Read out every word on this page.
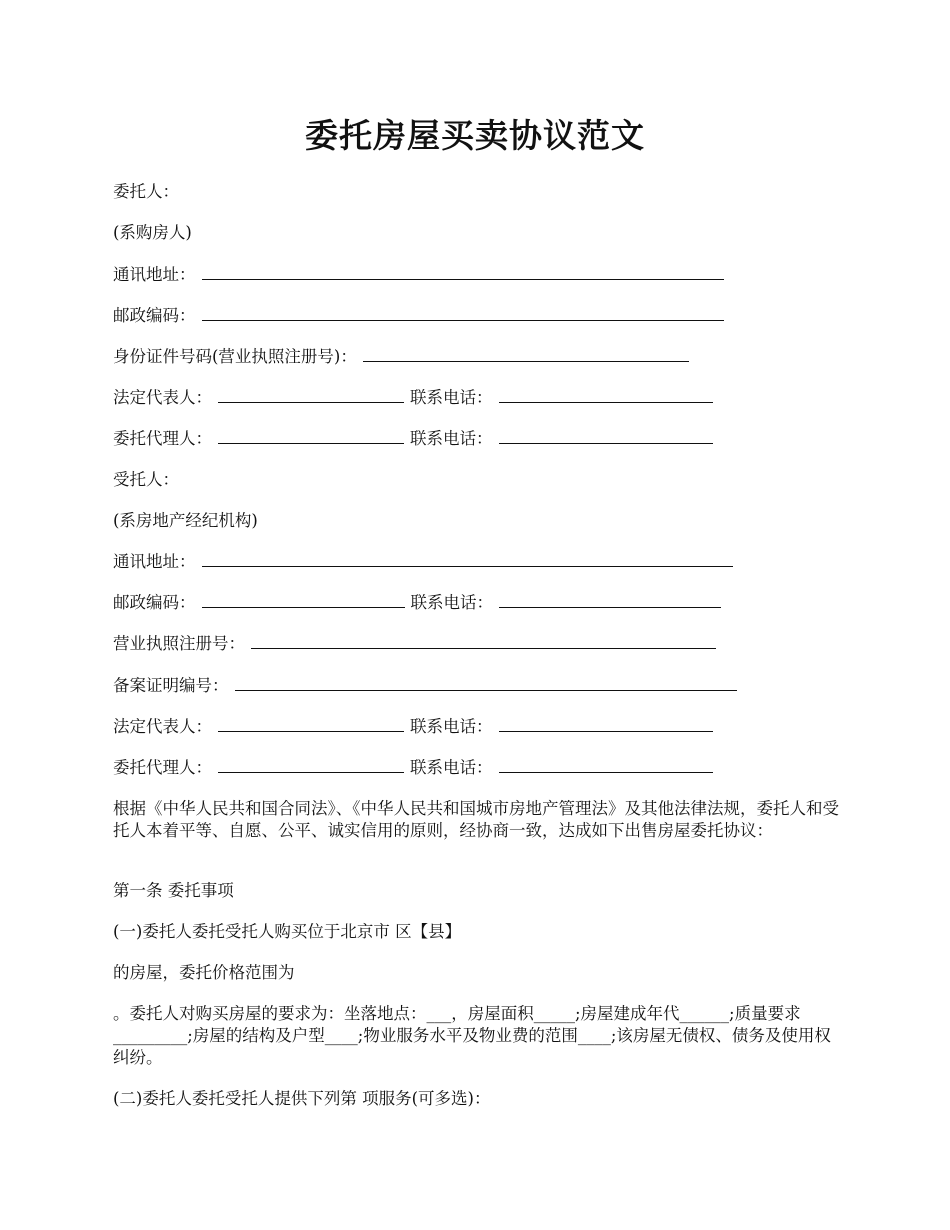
委托房屋买卖协议范文
委托人：
(系购房人)
通讯地址：
邮政编码：
身份证件号码(营业执照注册号)：
法定代表人：	联系电话：
委托代理人：	联系电话：
受托人：
(系房地产经纪机构)
通讯地址：
邮政编码：	联系电话：
营业执照注册号：
备案证明编号：
法定代表人：	联系电话：
委托代理人：	联系电话：

根据《中华人民共和国合同法》、《中华人民共和国城市房地产管理法》及其他法律法规，委托人和受托人本着平等、自愿、公平、诚实信用的原则，经协商一致，达成如下出售房屋委托协议：

第一条 委托事项
(一)委托人委托受托人购买位于北京市 区【县】
的房屋，委托价格范围为

。委托人对购买房屋的要求为：坐落地点：___，房屋面积_____;房屋建成年代______;质量要求_________;房屋的结构及户型____;物业服务水平及物业费的范围____;该房屋无债权、债务及使用权纠纷。

(二)委托人委托受托人提供下列第 项服务(可多选)：
